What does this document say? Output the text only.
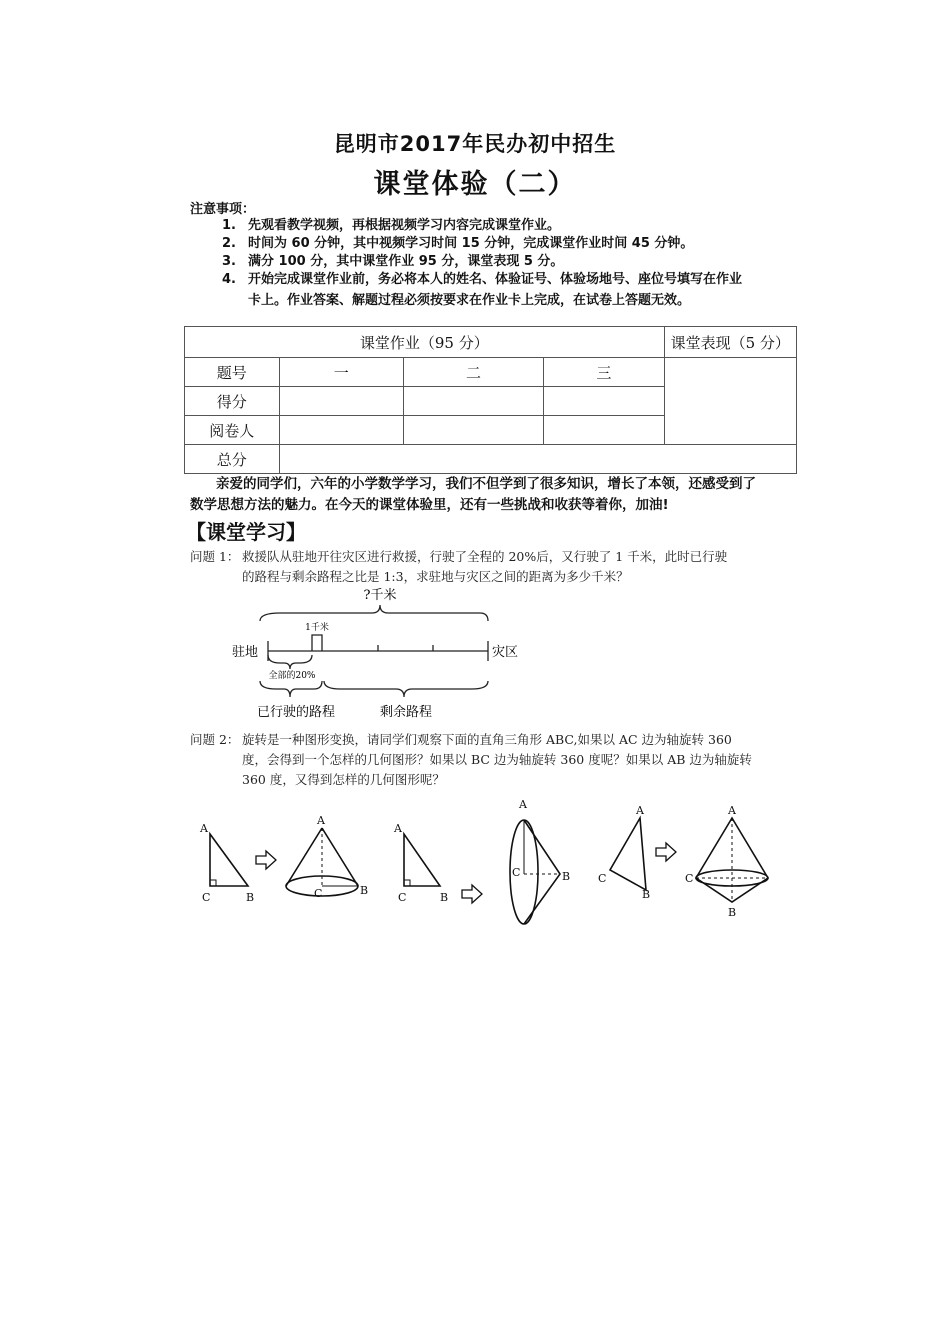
昆明市2017年民办初中招生
课堂体验（二）
注意事项：
1. 先观看教学视频，再根据视频学习内容完成课堂作业。
2. 时间为 60 分钟，其中视频学习时间 15 分钟，完成课堂作业时间 45 分钟。
3. 满分 100 分，其中课堂作业 95 分，课堂表现 5 分。
4. 开始完成课堂作业前，务必将本人的姓名、体验证号、体验场地号、座位号填写在作业
卡上。作业答案、解题过程必须按要求在作业卡上完成，在试卷上答题无效。
课堂作业（95 分）				课堂表现（5 分）
题号	一	二	三	
得分				
阅卷人				
总分				
亲爱的同学们，六年的小学数学学习，我们不但学到了很多知识，增长了本领，还感受到了
数学思想方法的魅力。在今天的课堂体验里，还有一些挑战和收获等着你，加油!
【课堂学习】
问题 1： 救援队从驻地开往灾区进行救援，行驶了全程的 20%后，又行驶了 1 千米，此时已行驶
的路程与剩余路程之比是 1:3，求驻地与灾区之间的距离为多少千米？
?千米
1千米
驻地	灾区
全部的20%
已行驶的路程	剩余路程
问题 2： 旋转是一种图形变换，请同学们观察下面的直角三角形 ABC,如果以 AC 边为轴旋转 360
度，会得到一个怎样的几何图形？如果以 BC 边为轴旋转 360 度呢？如果以 AB 边为轴旋转
360 度，又得到怎样的几何图形呢？
A
C	B
A
C	B
A
C	B
A
C	B
A
C
B
A
C
B
